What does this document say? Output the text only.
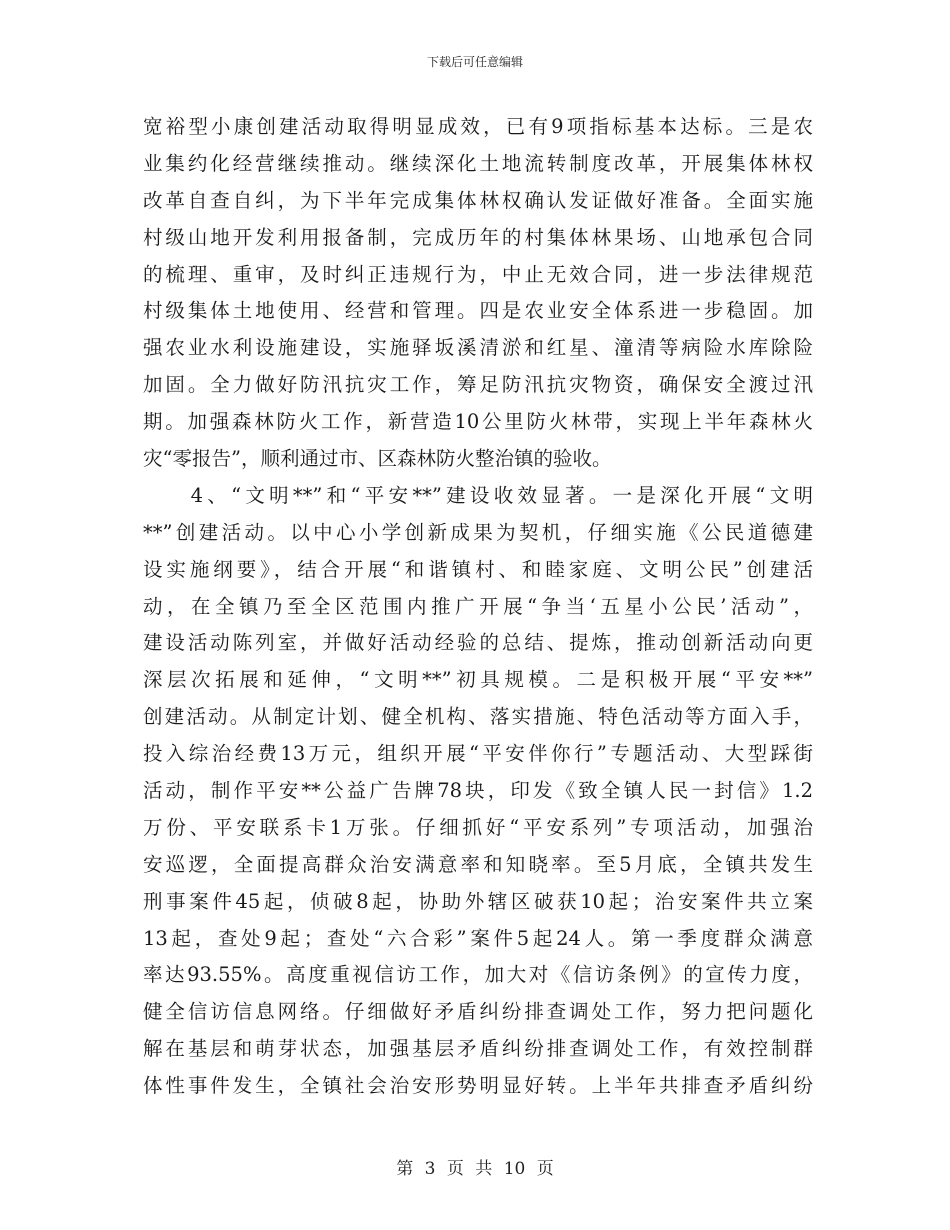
下载后可任意编辑
宽裕型小康创建活动取得明显成效，已有9项指标基本达标。三是农
业集约化经营继续推动。继续深化土地流转制度改革，开展集体林权
改革自查自纠，为下半年完成集体林权确认发证做好准备。全面实施
村级山地开发利用报备制，完成历年的村集体林果场、山地承包合同
的梳理、重审，及时纠正违规行为，中止无效合同，进一步法律规范
村级集体土地使用、经营和管理。四是农业安全体系进一步稳固。加
强农业水利设施建设，实施驿坂溪清淤和红星、潼清等病险水库除险
加固。全力做好防汛抗灾工作，筹足防汛抗灾物资，确保安全渡过汛
期。加强森林防火工作，新营造10公里防火林带，实现上半年森林火
灾“零报告”，顺利通过市、区森林防火整治镇的验收。
　　4、“文明**”和“平安**”建设收效显著。一是深化开展“文明
**”创建活动。以中心小学创新成果为契机，仔细实施《公民道德建
设实施纲要》，结合开展“和谐镇村、和睦家庭、文明公民”创建活
动，在全镇乃至全区范围内推广开展“争当‘五星小公民’活动”，
建设活动陈列室，并做好活动经验的总结、提炼，推动创新活动向更
深层次拓展和延伸，“文明**”初具规模。二是积极开展“平安**”
创建活动。从制定计划、健全机构、落实措施、特色活动等方面入手，
投入综治经费13万元，组织开展“平安伴你行”专题活动、大型踩街
活动，制作平安**公益广告牌78块，印发《致全镇人民一封信》1.2
万份、平安联系卡1万张。仔细抓好“平安系列”专项活动，加强治
安巡逻，全面提高群众治安满意率和知晓率。至5月底，全镇共发生
刑事案件45起，侦破8起，协助外辖区破获10起；治安案件共立案
13起，查处9起；查处“六合彩”案件5起24人。第一季度群众满意
率达93.55%。高度重视信访工作，加大对《信访条例》的宣传力度，
健全信访信息网络。仔细做好矛盾纠纷排查调处工作，努力把问题化
解在基层和萌芽状态，加强基层矛盾纠纷排查调处工作，有效控制群
体性事件发生，全镇社会治安形势明显好转。上半年共排查矛盾纠纷
第 3 页 共 10 页
